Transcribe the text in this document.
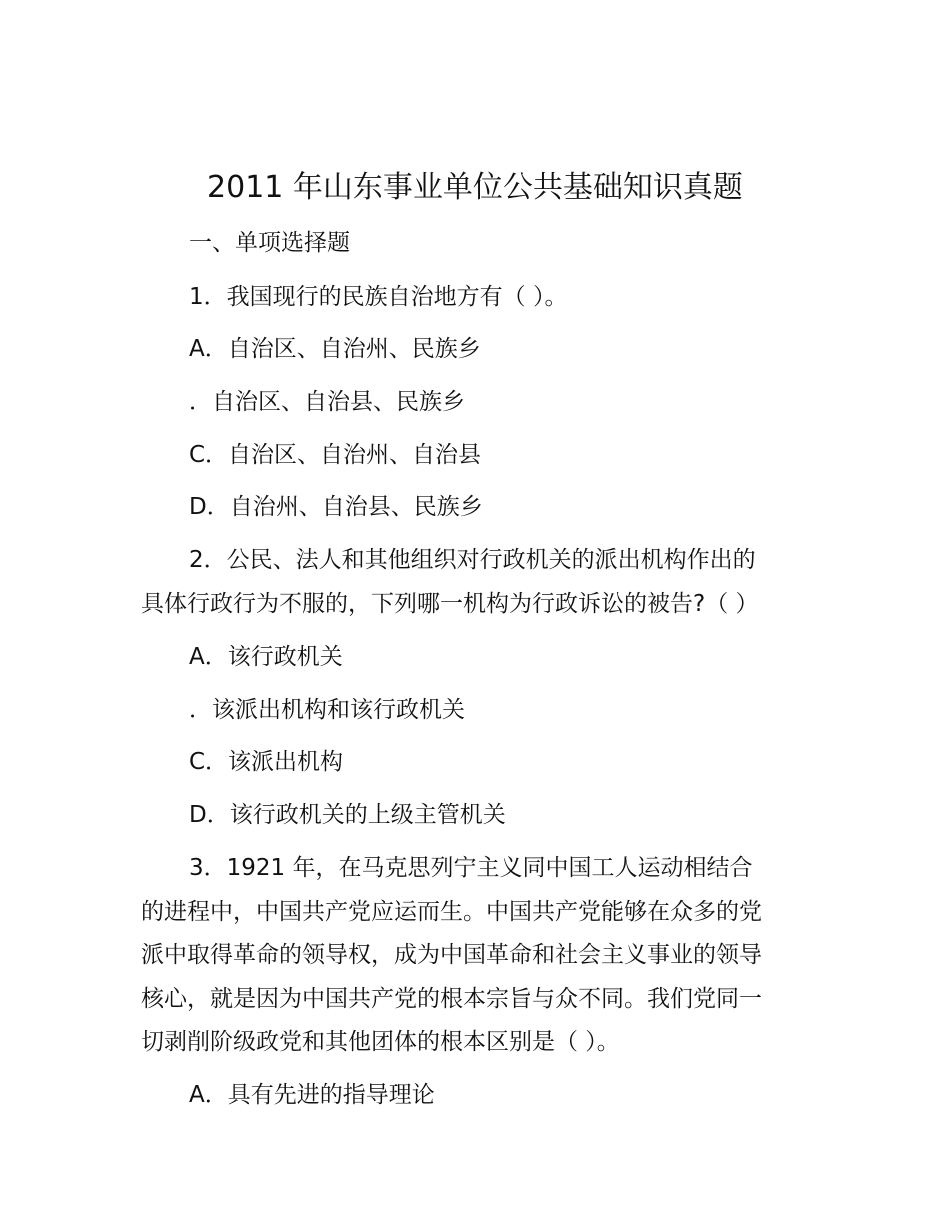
2011 年山东事业单位公共基础知识真题
一、单项选择题
1．我国现行的民族自治地方有（ ）。
A．自治区、自治州、民族乡
．自治区、自治县、民族乡
C．自治区、自治州、自治县
D．自治州、自治县、民族乡
2．公民、法人和其他组织对行政机关的派出机构作出的
具体行政行为不服的，下列哪一机构为行政诉讼的被告?（ ）
A．该行政机关
．该派出机构和该行政机关
C．该派出机构
D．该行政机关的上级主管机关
3．1921 年，在马克思列宁主义同中国工人运动相结合
的进程中，中国共产党应运而生。中国共产党能够在众多的党
派中取得革命的领导权，成为中国革命和社会主义事业的领导
核心，就是因为中国共产党的根本宗旨与众不同。我们党同一
切剥削阶级政党和其他团体的根本区别是（ ）。
A．具有先进的指导理论
